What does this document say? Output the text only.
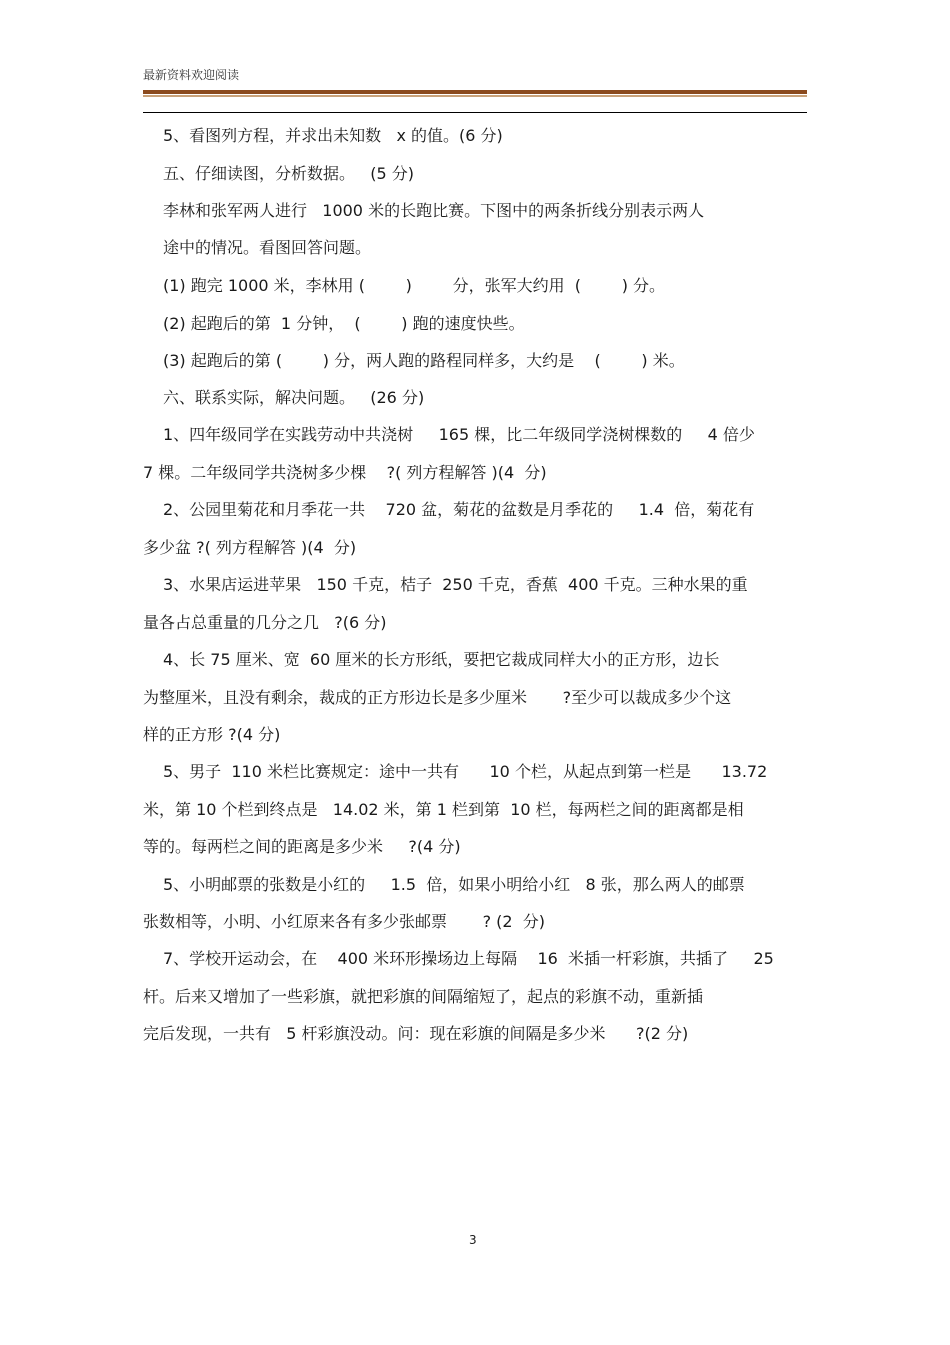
最新资料欢迎阅读
5、看图列方程，并求出未知数   x 的值。(6 分)
五、仔细读图，分析数据。   (5 分)
李林和张军两人进行   1000 米的长跑比赛。下图中的两条折线分别表示两人
途中的情况。看图回答问题。
(1) 跑完 1000 米，李林用 (        )        分，张军大约用  (        ) 分。
(2) 起跑后的第  1 分钟，  (        ) 跑的速度快些。
(3) 起跑后的第 (        ) 分，两人跑的路程同样多，大约是    (        ) 米。
六、联系实际，解决问题。   (26 分)
1、四年级同学在实践劳动中共浇树     165 棵，比二年级同学浇树棵数的     4 倍少
7 棵。二年级同学共浇树多少棵    ?( 列方程解答 )(4  分)
2、公园里菊花和月季花一共    720 盆，菊花的盆数是月季花的     1.4  倍，菊花有
多少盆 ?( 列方程解答 )(4  分)
3、水果店运进苹果   150 千克，桔子  250 千克，香蕉  400 千克。三种水果的重
量各占总重量的几分之几   ?(6 分)
4、长 75 厘米、宽  60 厘米的长方形纸，要把它裁成同样大小的正方形，边长
为整厘米，且没有剩余，裁成的正方形边长是多少厘米       ?至少可以裁成多少个这
样的正方形 ?(4 分)
5、男子  110 米栏比赛规定：途中一共有      10 个栏，从起点到第一栏是      13.72
米，第 10 个栏到终点是   14.02 米，第 1 栏到第  10 栏，每两栏之间的距离都是相
等的。每两栏之间的距离是多少米     ?(4 分)
5、小明邮票的张数是小红的     1.5  倍，如果小明给小红   8 张，那么两人的邮票
张数相等，小明、小红原来各有多少张邮票       ? (2  分)
7、学校开运动会，在    400 米环形操场边上每隔    16  米插一杆彩旗，共插了     25
杆。后来又增加了一些彩旗，就把彩旗的间隔缩短了，起点的彩旗不动，重新插
完后发现，一共有   5 杆彩旗没动。问：现在彩旗的间隔是多少米      ?(2 分)
3
